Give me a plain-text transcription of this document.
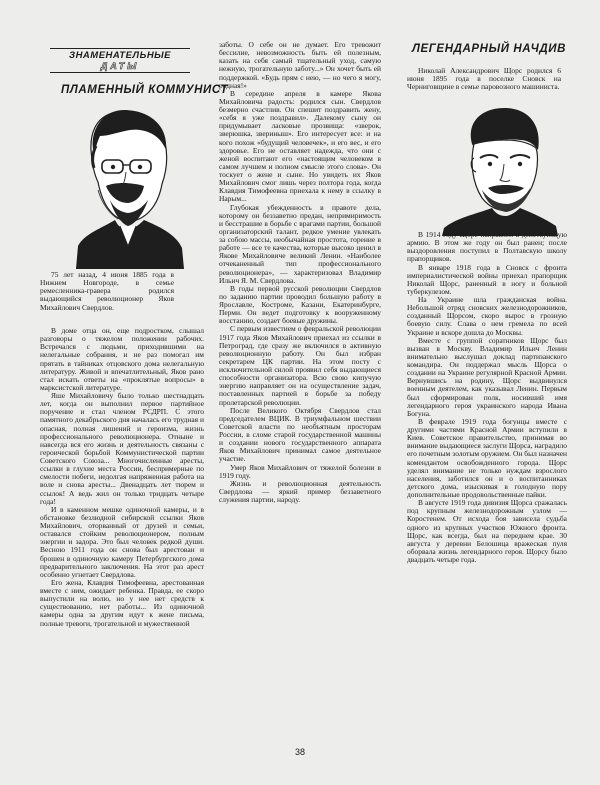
ЗНАМЕНАТЕЛЬНЫЕ
ДАТЫ
ПЛАМЕННЫЙ КОММУНИСТ

75 лет назад, 4 июня 1885 года в Нижнем Новгороде, в семье ремесленника-гравера родился выдающийся революционер Яков Михайлович Свердлов.

В доме отца он, еще подростком, слышал разговоры о тяжелом положении рабочих. Встречался с людьми, приходившими на нелегальные собрания, и не раз помогал им прятать в тайниках отцовского дома нелегальную литературу. Живой и впечатлительный, Яков рано стал искать ответы на «проклятые вопросы» в марксистской литературе.

Яше Михайловичу было только шестнадцать лет, когда он выполнил первое партийное поручение и стал членом РСДРП. С этого памятного декабрьского дня началась его трудная и опасная, полная лишений и героизма, жизнь профессионального революционера. Отныне и навсегда вся его жизнь и деятельность связаны с героической борьбой Коммунистической партии Советского Союза... Многочисленные аресты, ссылки в глухие места России, беспримерные по смелости побеги, недолгая напряженная работа на воле и снова аресты... Двенадцать лет тюрем и ссылок! А ведь жил он только тридцать четыре года!

И в каменном мешке одиночной камеры, и в обстановке безлюдной сибирской ссылки Яков Михайлович, оторванный от друзей и семьи, оставался стойким революционером, полным энергии и задора. Это был человек редкой души. Весною 1911 года он снова был арестован и брошен в одиночную камеру Петербургского дома предварительного заключения. На этот раз арест особенно угнетает Свердлова.

Его жена, Клавдия Тимофеевна, арестованная вместе с ним, ожидает ребенка. Правда, ее скоро выпустили на волю, но у нее нет средств к существованию, нет работы... Из одиночной камеры одна за другим идут к жене письма, полные тревоги, трогательной и мужественной

заботы. О себе он не думает. Его тревожит бессилие, невозможность быть ей полезным, казать на себя самый тщательный уход, самую нежную, трогательную заботу...» Он хочет быть ей поддержкой. «Будь прям с нею, — но чего я могу, родная!»

В середине апреля в камере Якова Михайловича радость: родился сын. Свердлов безмерно счастлив. Он спешит поздравить жену, «себя я уже поздравил». Далекому сыну он придумывает ласковые прозвища: «зверок, зверюшка, звериныш». Его интересует все: и на кого похож «будущий человечек», и его вес, и его здоровье. Его не оставляет надежда, что они с женой воспитают его «настоящим человеком в самом лучшем и полном смысле этого слова». Он тоскует о жене и сыне. Но увидеть их Яков Михайлович смог лишь через полтора года, когда Клавдия Тимофеевна приехала к нему в ссылку в Нарым...

Глубокая убежденность в правоте дела, которому он беззаветно предан, непримиримость и бесстрашие в борьбе с врагами партии, большой организаторский талант, редкое умение увлекать за собою массы, необычайная простота, горение в работе — все те качества, которые высоко ценил в Якове Михайловиче великий Ленин. «Наиболее отчеканенный тип профессионального революционера», — характеризовал Владимир Ильич Я. М. Свердлова.

В годы первой русской революции Свердлов по заданию партии проводил большую работу в Ярославле, Костроме, Казани, Екатеринбурге, Перми. Он ведет подготовку к вооруженному восстанию, создает боевые дружины.

С первым известием о февральской революции 1917 года Яков Михайлович приехал из ссылки в Петроград, где сразу же включился в активную революционную работу. Он был избран секретарем ЦК партии. На этом посту с исключительной силой проявил себя выдающиеся способности организатора. Всю свою кипучую энергию направляет он на осуществление задач, поставленных партией в борьбе за победу пролетарской революции.

После Великого Октября Свердлов стал председателем ВЦИК. В триумфальном шествии Советской власти по необъятным просторам России, в сломе старой государственной машины и создании нового государственного аппарата Яков Михайлович принимал самое деятельное участие.

Умер Яков Михайлович от тяжелой болезни в 1919 году.

Жизнь и революционная деятельность Свердлова — яркий пример беззаветного служения партии, народу.

ЛЕГЕНДАРНЫЙ НАЧДИВ

Николай Александрович Щорс родился 6 июня 1895 года в поселке Сновск на Черниговщине в семье паровозного машиниста.

В 1914 году Щорс направлен в действующую армию. В этом же году он был ранен; после выздоровления поступил в Полтавскую школу прапорщиков.

В январе 1918 года в Сновск с фронта империалистической войны приехал прапорщик Николай Щорс, раненный в ногу и больной туберкулезом.

На Украине шла гражданская война. Небольшой отряд сновских железнодорожников, созданный Щорсом, скоро вырос в грозную боевую силу. Слава о нем гремела по всей Украине и вскоре дошла до Москвы.

Вместе с группой соратников Щорс был вызван в Москву. Владимир Ильич Ленин внимательно выслушал доклад партизанского командира. Он поддержал мысль Щорса о создании на Украине регулярной Красной Армии. Вернувшись на родину, Щорс выдвинулся военным деятелем, как указывал Ленин. Первым был сформирован полк, носивший имя легендарного героя украинского народа Ивана Богуна.

В феврале 1919 года богунцы вместе с другими частями Красной Армии вступили в Киев. Советское правительство, принимая во внимание выдающиеся заслуги Щорса, наградило его почетным золотым оружием. Он был назначен комендантом освобожденного города. Щорс уделял внимание не только нуждам взрослого населения, заботился он и о воспитанниках детского дома, изыскивая в голодную пору дополнительные продовольственные пайки.

В августе 1919 года дивизия Щорса сражалась под крупным железнодорожным узлом — Коростенем. От исхода боя зависела судьба одного из крупных участков Южного фронта. Щорс, как всегда, был на переднем крае. 30 августа у деревни Белошица вражеская пуля оборвала жизнь легендарного героя. Щорсу было двадцать четыре года.

38
